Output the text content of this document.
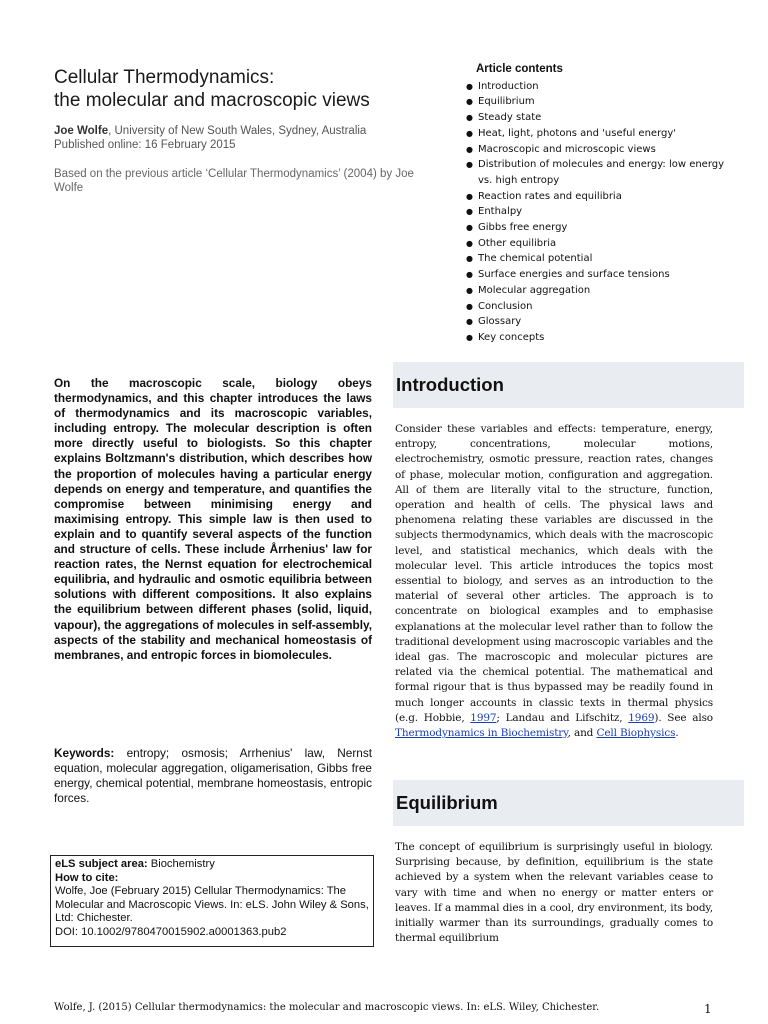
Cellular Thermodynamics:
the molecular and macroscopic views
Joe Wolfe, University of New South Wales, Sydney, Australia
Published online: 16 February 2015
Based on the previous article ‘Cellular Thermodynamics’ (2004) by Joe Wolfe
Article contents
● Introduction
● Equilibrium
● Steady state
● Heat, light, photons and 'useful energy'
● Macroscopic and microscopic views
● Distribution of molecules and energy: low energy vs. high entropy
● Reaction rates and equilibria
● Enthalpy
● Gibbs free energy
● Other equilibria
● The chemical potential
● Surface energies and surface tensions
● Molecular aggregation
● Conclusion
● Glossary
● Key concepts

On the macroscopic scale, biology obeys thermodynamics, and this chapter introduces the laws of thermodynamics and its macroscopic variables, including entropy. The molecular description is often more directly useful to biologists. So this chapter explains Boltzmann's distribution, which describes how the proportion of molecules having a particular energy depends on energy and temperature, and quantifies the compromise between minimising energy and maximising entropy. This simple law is then used to explain and to quantify several aspects of the function and structure of cells. These include Årrhenius' law for reaction rates, the Nernst equation for electrochemical equilibria, and hydraulic and osmotic equilibria between solutions with different compositions. It also explains the equilibrium between different phases (solid, liquid, vapour), the aggregations of molecules in self-assembly, aspects of the stability and mechanical homeostasis of membranes, and entropic forces in biomolecules.

Keywords: entropy; osmosis; Arrhenius' law, Nernst equation, molecular aggregation, oligamerisation, Gibbs free energy, chemical potential, membrane homeostasis, entropic forces.

eLS subject area: Biochemistry
How to cite:
Wolfe, Joe (February 2015) Cellular Thermodynamics: The Molecular and Macroscopic Views. In: eLS. John Wiley & Sons, Ltd: Chichester.
DOI: 10.1002/9780470015902.a0001363.pub2
Introduction

Consider these variables and effects: temperature, energy, entropy, concentrations, molecular motions, electrochemistry, osmotic pressure, reaction rates, changes of phase, molecular motion, configuration and aggregation. All of them are literally vital to the structure, function, operation and health of cells. The physical laws and phenomena relating these variables are discussed in the subjects thermodynamics, which deals with the macroscopic level, and statistical mechanics, which deals with the molecular level. This article introduces the topics most essential to biology, and serves as an introduction to the material of several other articles. The approach is to concentrate on biological examples and to emphasise explanations at the molecular level rather than to follow the traditional development using macroscopic variables and the ideal gas. The macroscopic and molecular pictures are related via the chemical potential. The mathematical and formal rigour that is thus bypassed may be readily found in much longer accounts in classic texts in thermal physics (e.g. Hobbie, 1997; Landau and Lifschitz, 1969). See also Thermodynamics in Biochemistry, and Cell Biophysics.

Equilibrium

The concept of equilibrium is surprisingly useful in biology. Surprising because, by definition, equilibrium is the state achieved by a system when the relevant variables cease to vary with time and when no energy or matter enters or leaves. If a mammal dies in a cool, dry environment, its body, initially warmer than its surroundings, gradually comes to thermal equilibrium

Wolfe, J. (2015) Cellular thermodynamics: the molecular and macroscopic views. In: eLS. Wiley, Chichester.	1
